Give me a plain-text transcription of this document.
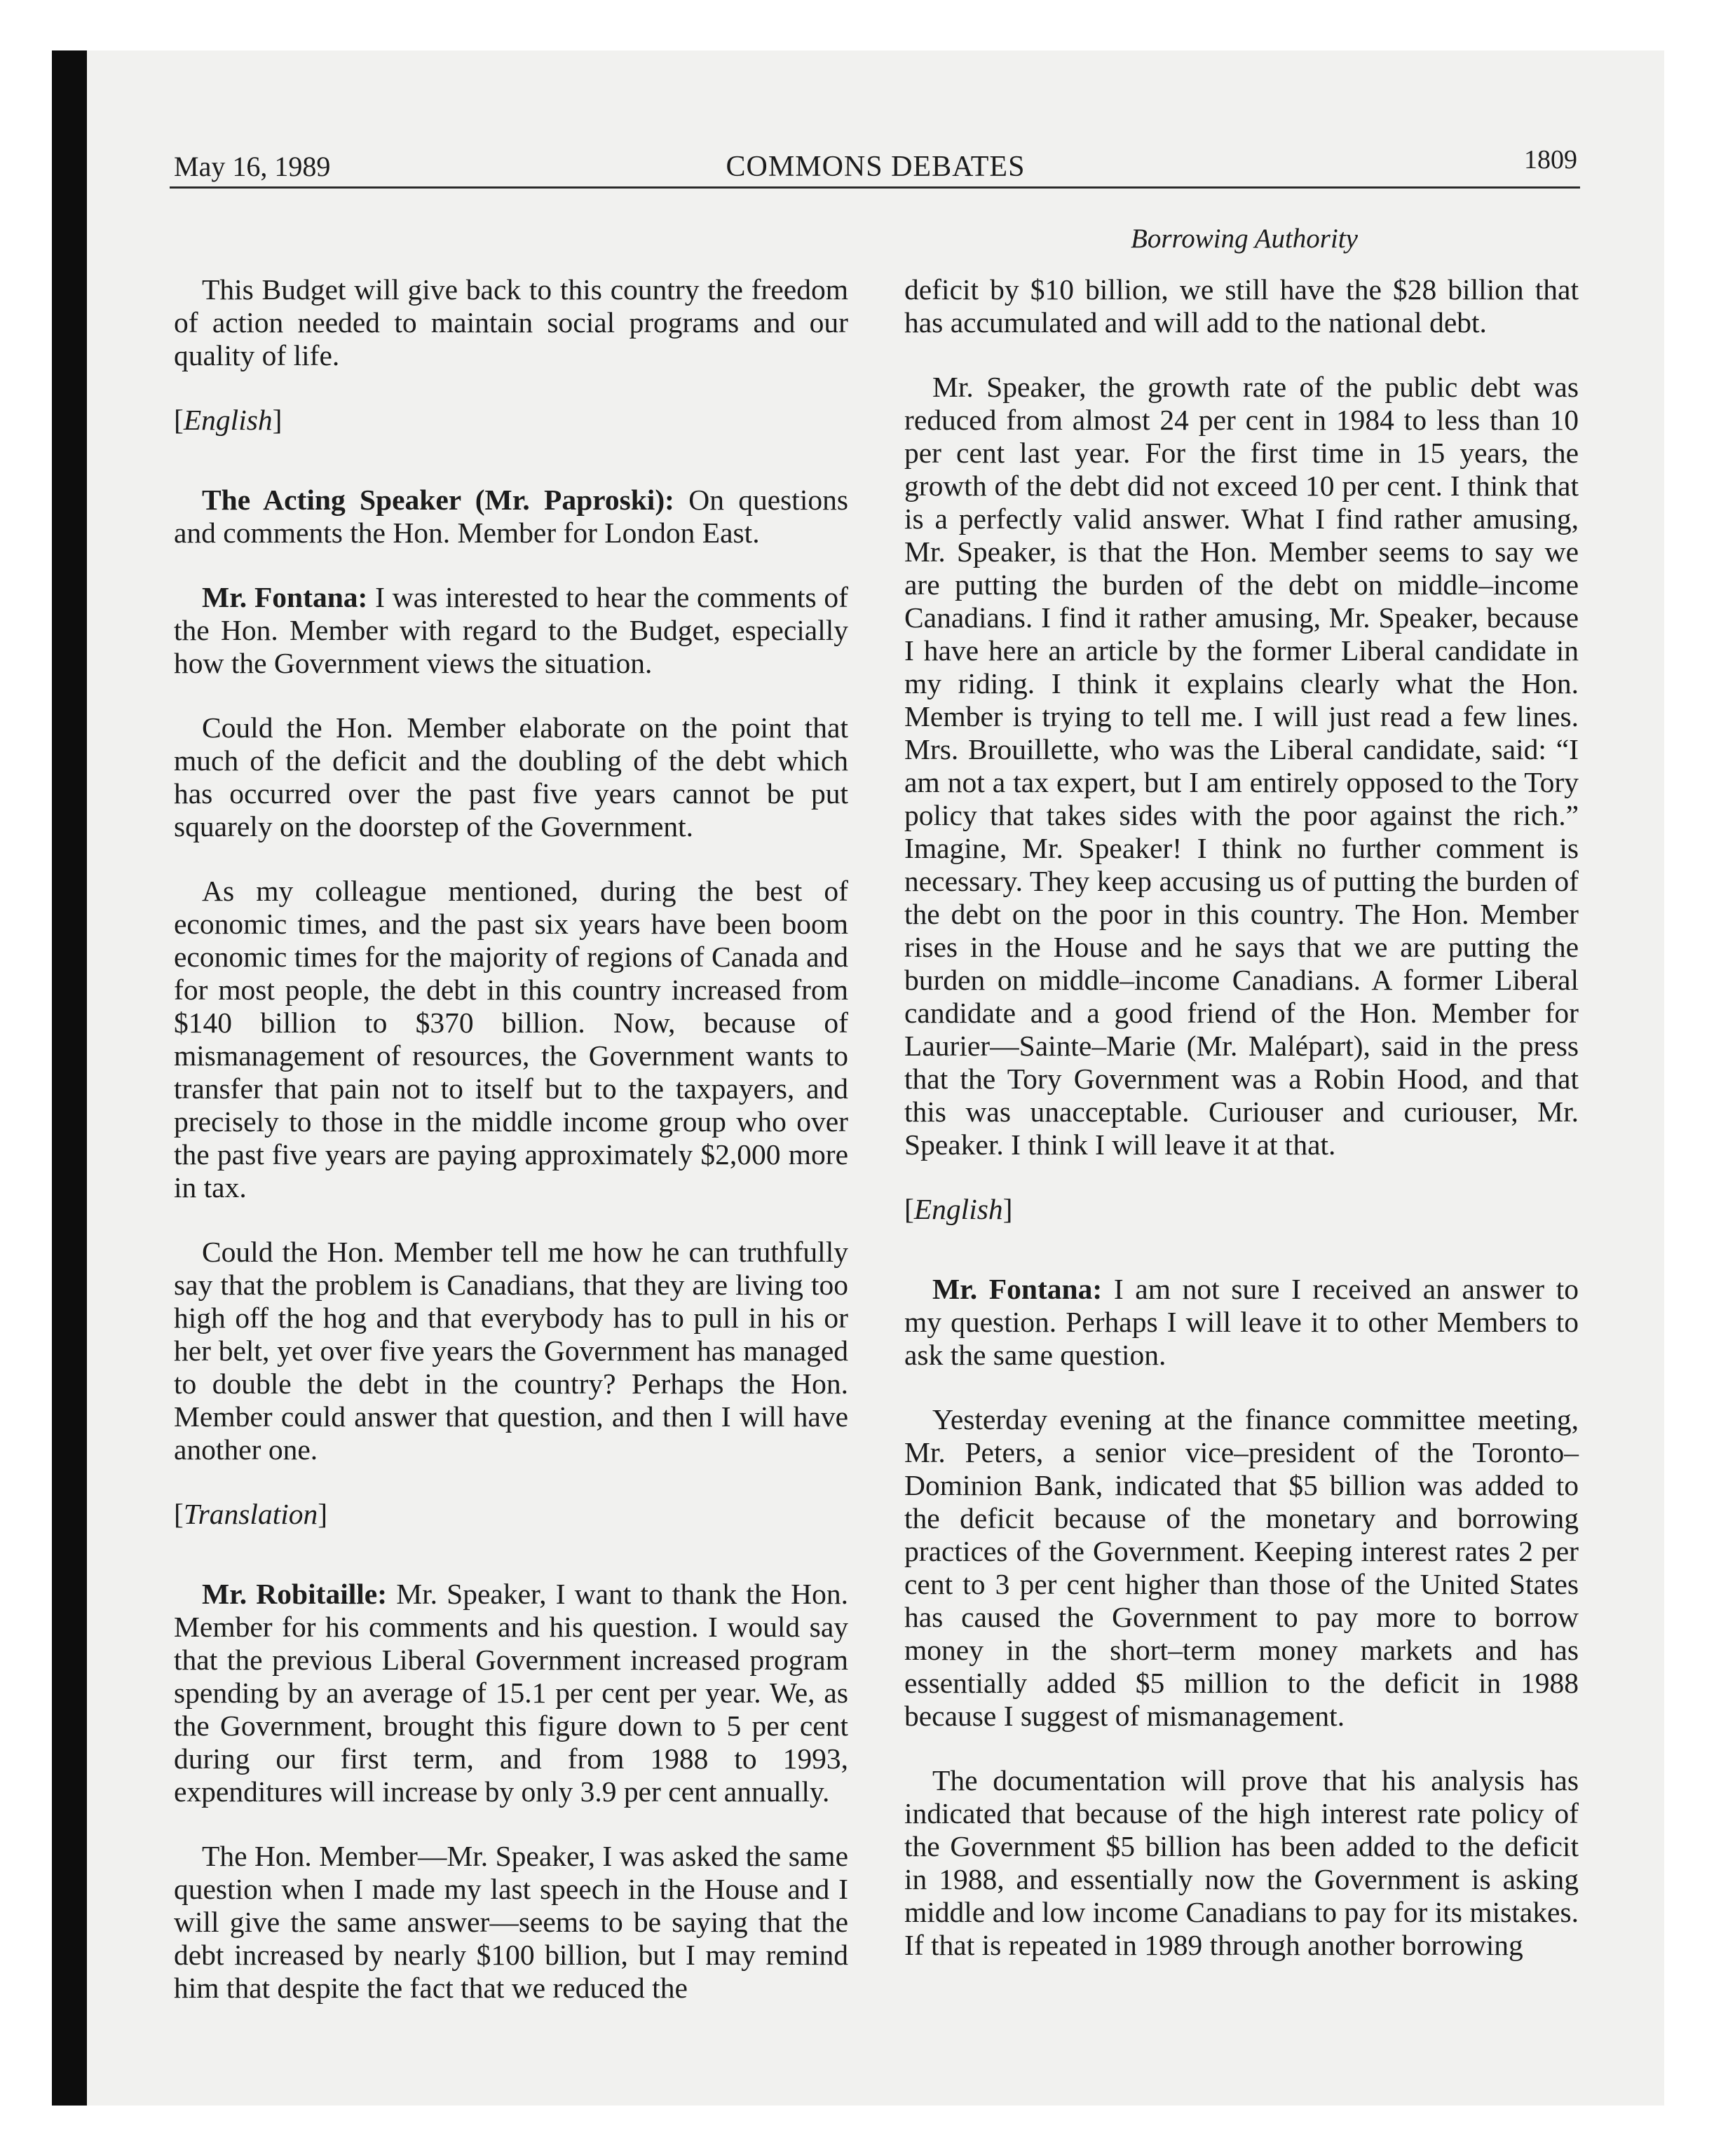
May 16, 1989	COMMONS DEBATES	1809
Borrowing Authority

This Budget will give back to this country the freedom of action needed to maintain social programs and our quality of life.

[English]

The Acting Speaker (Mr. Paproski): On questions and comments the Hon. Member for London East.

Mr. Fontana: I was interested to hear the comments of the Hon. Member with regard to the Budget, especially how the Government views the situation.

Could the Hon. Member elaborate on the point that much of the deficit and the doubling of the debt which has occurred over the past five years cannot be put squarely on the doorstep of the Government.

As my colleague mentioned, during the best of economic times, and the past six years have been boom economic times for the majority of regions of Canada and for most people, the debt in this country increased from $140 billion to $370 billion. Now, because of mismanagement of resources, the Government wants to transfer that pain not to itself but to the taxpayers, and precisely to those in the middle income group who over the past five years are paying approximately $2,000 more in tax.

Could the Hon. Member tell me how he can truthfully say that the problem is Canadians, that they are living too high off the hog and that everybody has to pull in his or her belt, yet over five years the Government has managed to double the debt in the country? Perhaps the Hon. Member could answer that question, and then I will have another one.

[Translation]

Mr. Robitaille: Mr. Speaker, I want to thank the Hon. Member for his comments and his question. I would say that the previous Liberal Government increased program spending by an average of 15.1 per cent per year. We, as the Government, brought this figure down to 5 per cent during our first term, and from 1988 to 1993, expenditures will increase by only 3.9 per cent annually.

The Hon. Member—Mr. Speaker, I was asked the same question when I made my last speech in the House and I will give the same answer—seems to be saying that the debt increased by nearly $100 billion, but I may remind him that despite the fact that we reduced the

deficit by $10 billion, we still have the $28 billion that has accumulated and will add to the national debt.

Mr. Speaker, the growth rate of the public debt was reduced from almost 24 per cent in 1984 to less than 10 per cent last year. For the first time in 15 years, the growth of the debt did not exceed 10 per cent. I think that is a perfectly valid answer. What I find rather amusing, Mr. Speaker, is that the Hon. Member seems to say we are putting the burden of the debt on middle–income Canadians. I find it rather amusing, Mr. Speaker, because I have here an article by the former Liberal candidate in my riding. I think it explains clearly what the Hon. Member is trying to tell me. I will just read a few lines. Mrs. Brouillette, who was the Liberal candidate, said: “I am not a tax expert, but I am entirely opposed to the Tory policy that takes sides with the poor against the rich.” Imagine, Mr. Speaker! I think no further comment is necessary. They keep accusing us of putting the burden of the debt on the poor in this country. The Hon. Member rises in the House and he says that we are putting the burden on middle–income Canadians. A former Liberal candidate and a good friend of the Hon. Member for Laurier—Sainte–Marie (Mr. Malépart), said in the press that the Tory Government was a Robin Hood, and that this was unacceptable. Curiouser and curiouser, Mr. Speaker. I think I will leave it at that.

[English]

Mr. Fontana: I am not sure I received an answer to my question. Perhaps I will leave it to other Members to ask the same question.

Yesterday evening at the finance committee meeting, Mr. Peters, a senior vice–president of the Toronto–Dominion Bank, indicated that $5 billion was added to the deficit because of the monetary and borrowing practices of the Government. Keeping interest rates 2 per cent to 3 per cent higher than those of the United States has caused the Government to pay more to borrow money in the short–term money markets and has essentially added $5 million to the deficit in 1988 because I suggest of mismanagement.

The documentation will prove that his analysis has indicated that because of the high interest rate policy of the Government $5 billion has been added to the deficit in 1988, and essentially now the Government is asking middle and low income Canadians to pay for its mistakes. If that is repeated in 1989 through another borrowing
